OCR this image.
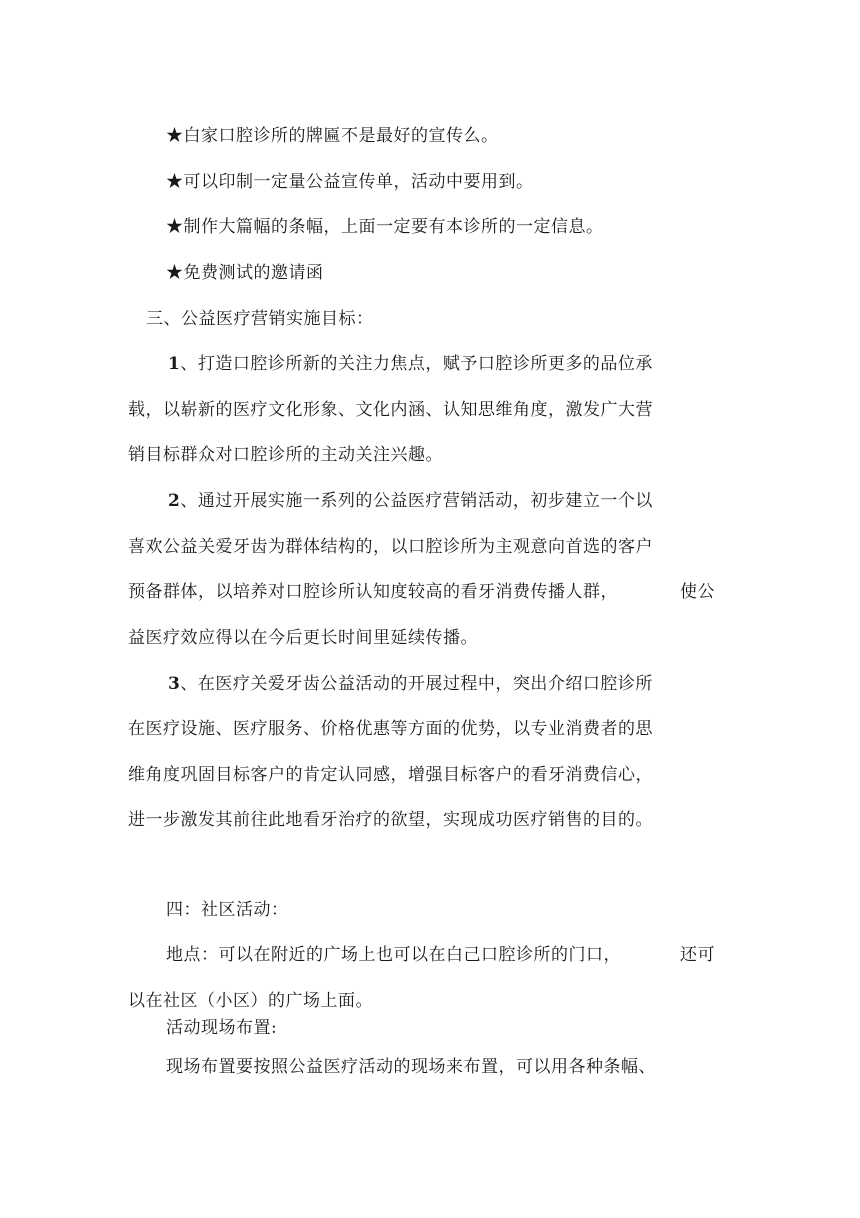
★白家口腔诊所的牌匾不是最好的宣传么。
★可以印制一定量公益宣传单，活动中要用到。
★制作大篇幅的条幅，上面一定要有本诊所的一定信息。
★免费测试的邀请函
三、公益医疗营销实施目标：
1、打造口腔诊所新的关注力焦点，赋予口腔诊所更多的品位承
载，以崭新的医疗文化形象、文化内涵、认知思维角度，激发广大营
销目标群众对口腔诊所的主动关注兴趣。
2、通过开展实施一系列的公益医疗营销活动，初步建立一个以
喜欢公益关爱牙齿为群体结构的，以口腔诊所为主观意向首选的客户
预备群体，以培养对口腔诊所认知度较高的看牙消费传播人群，	使公
益医疗效应得以在今后更长时间里延续传播。
3、在医疗关爱牙齿公益活动的开展过程中，突出介绍口腔诊所
在医疗设施、医疗服务、价格优惠等方面的优势，以专业消费者的思
维角度巩固目标客户的肯定认同感，增强目标客户的看牙消费信心，
进一步激发其前往此地看牙治疗的欲望，实现成功医疗销售的目的。
四：社区活动：
地点：可以在附近的广场上也可以在白己口腔诊所的门口，	还可
以在社区（小区）的广场上面。
活动现场布置:
现场布置要按照公益医疗活动的现场来布置，可以用各种条幅、
